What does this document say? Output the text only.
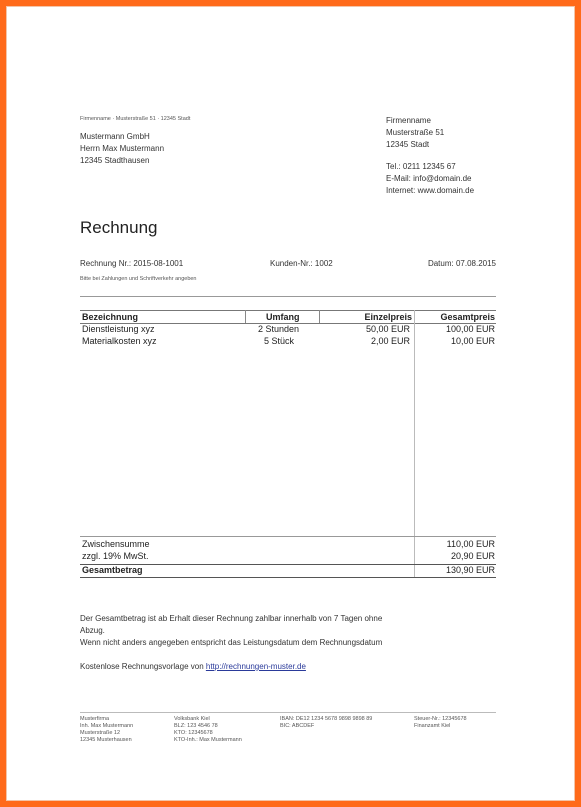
Firmenname · Musterstraße 51 · 12345 Stadt
Mustermann GmbH
Herrn Max Mustermann
12345 Stadthausen
Firmenname
Musterstraße 51
12345 Stadt
Tel.: 0211 12345 67
E-Mail: info@domain.de
Internet: www.domain.de
Rechnung
Rechnung Nr.: 2015-08-1001	Kunden-Nr.: 1002	Datum: 07.08.2015
Bitte bei Zahlungen und Schriftverkehr angeben
Bezeichnung	Umfang	Einzelpreis	Gesamtpreis
Dienstleistung xyz	2 Stunden	50,00 EUR	100,00 EUR
Materialkosten xyz	5 Stück	2,00 EUR	10,00 EUR
Zwischensumme	110,00 EUR
zzgl. 19% MwSt.	20,90 EUR
Gesamtbetrag	130,90 EUR
Der Gesamtbetrag ist ab Erhalt dieser Rechnung zahlbar innerhalb von 7 Tagen ohne
Abzug.
Wenn nicht anders angegeben entspricht das Leistungsdatum dem Rechnungsdatum
Kostenlose Rechnungsvorlage von http://rechnungen-muster.de
Musterfirma
Inh. Max Mustermann
Musterstraße 12
12345 Musterhausen
Volksbank Kiel
BLZ: 123 4546 78
KTO: 12345678
KTO-Inh.: Max Mustermann
IBAN: DE12 1234 5678 9898 9898 89
BIC: ABCDEF
Steuer-Nr.: 12345678
Finanzamt Kiel
